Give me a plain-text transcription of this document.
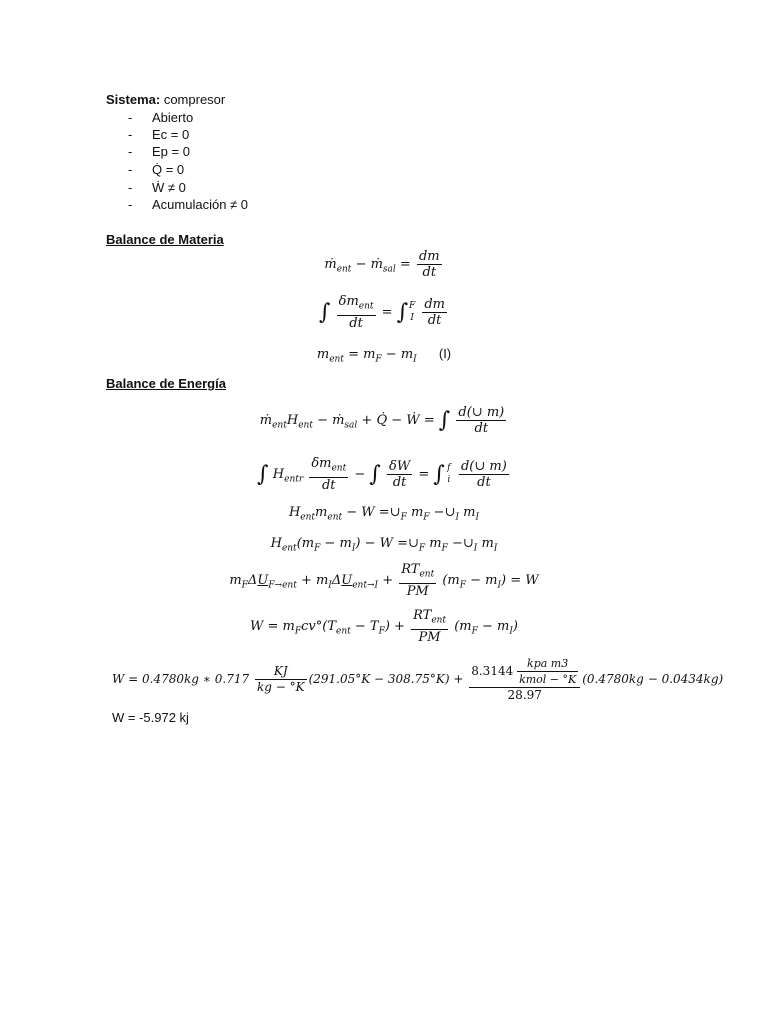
Sistema: compresor
- Abierto
- Ec = 0
- Ep = 0
- Q̇ = 0
- Ẇ ≠ 0
- Acumulación ≠ 0
Balance de Materia
ṁ$_{ent}$ − ṁ$_{sal}$ = $\frac{dm}{dt}$
∫ $\frac{\delta m_{ent}}{dt}$ = ∫ F
I
$\frac{dm}{dt}$
$m_{ent} = m_F - m_I$ (I)
Balance de Energía
$ṁ_{ent}H_{ent}$ − ṁ$_{sal}$ + Q̇ − Ẇ = ∫ $\frac{d(\cup m)}{dt}$
∫ $H_{entr} \frac{\delta m_{ent}}{dt}$ − ∫ $\frac{\delta W}{dt}$ = ∫ f
i
$\frac{d(\cup m)}{dt}$
$H_{ent}m_{ent} - W$ $=\cup_F$ $m_F$ $-\cup_I$ $m_I$
$H_{ent}(m_F - m_I) - W$ $=\cup_F$ $m_F$ $-\cup_I$ $m_I$
$m_F\Delta U_{F\to ent} + m_I\Delta U_{ent\to I} + \frac{RT_{ent}}{PM} (m_F - m_I) = W$
$W = m_Fcv^\circ(T_{ent} - T_F) + \frac{RT_{ent}}{PM} (m_F - m_I)$
W = 0.4780kg ∗ $0.717 \frac{KJ}{kg - ^\circ K} (291.05^\circ K - 308.75^\circ K) + \frac{8.3144 \frac{\text{kpa m3}}{\text{kmol − °K}}}{28.97} (0.4780kg - 0.0434kg)$
W = -5.972 kj
